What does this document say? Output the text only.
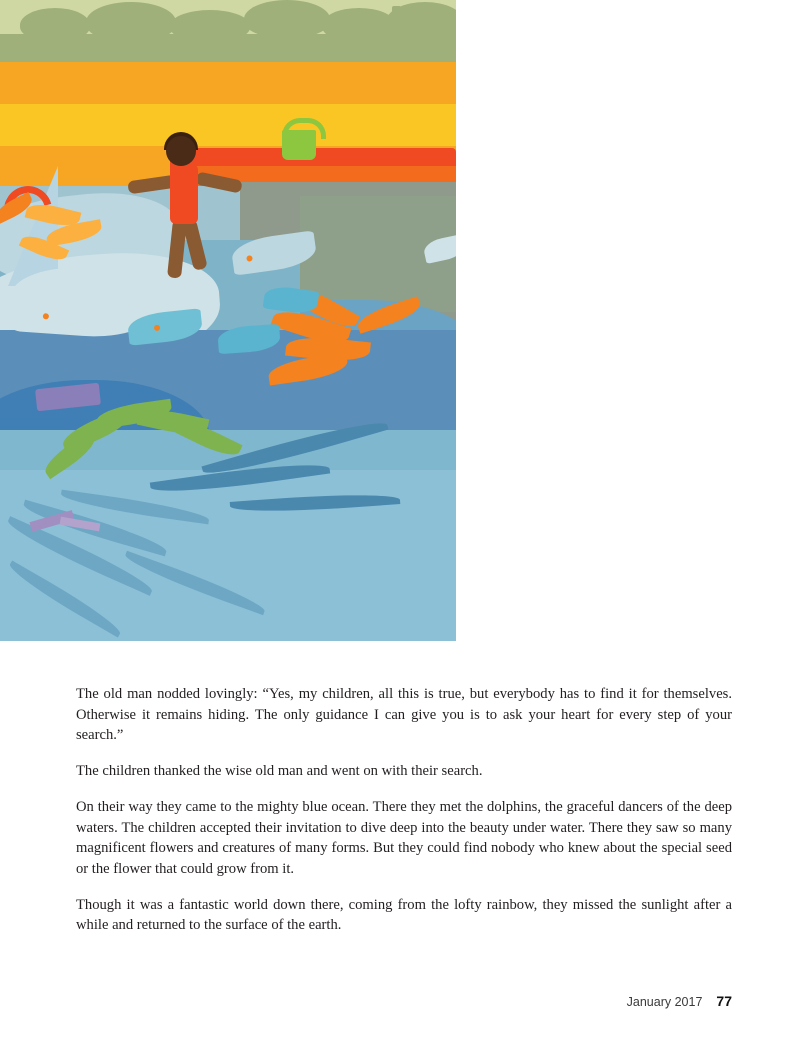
The old man nodded lovingly: “Yes, my children, all this is true, but everybody has to find it for themselves. Otherwise it remains hiding. The only guidance I can give you is to ask your heart for every step of your search.”

The children thanked the wise old man and went on with their search.

On their way they came to the mighty blue ocean. There they met the dolphins, the graceful dancers of the deep waters. The children accepted their invitation to dive deep into the beauty under water. There they saw so many magnificent flowers and creatures of many forms. But they could find nobody who knew about the special seed or the flower that could grow from it.

Though it was a fantastic world down there, coming from the lofty rainbow, they missed the sunlight after a while and returned to the surface of the earth.

January 2017 77
